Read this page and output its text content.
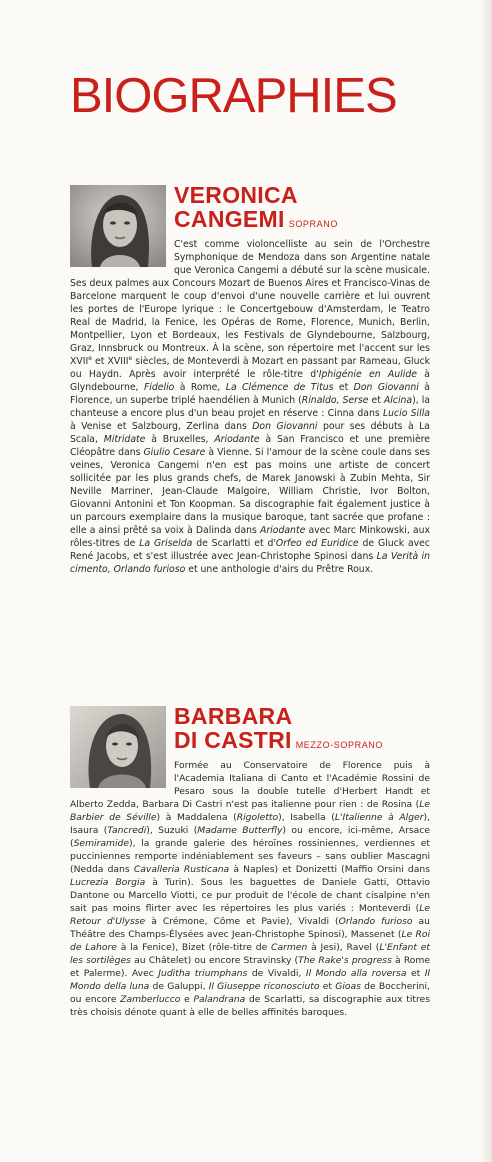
BIOGRAPHIES
VERONICA
CANGEMI SOPRANO

C'est comme violoncelliste au sein de l'Orchestre Symphonique de Mendoza dans son Argentine natale que Veronica Cangemi a débuté sur la scène musicale. Ses deux palmes aux Concours Mozart de Buenos Aires et Francisco-Vinas de Barcelone marquent le coup d'envoi d'une nouvelle carrière et lui ouvrent les portes de l'Europe lyrique : le Concertgebouw d'Amsterdam, le Teatro Real de Madrid, la Fenice, les Opéras de Rome, Florence, Munich, Berlin, Montpellier, Lyon et Bordeaux, les Festivals de Glyndebourne, Salzbourg, Graz, Innsbruck ou Montreux. À la scène, son répertoire met l'accent sur les XVIIe et XVIIIe siècles, de Monteverdi à Mozart en passant par Rameau, Gluck ou Haydn. Après avoir interprété le rôle-titre d'Iphigénie en Aulide à Glyndebourne, Fidelio à Rome, La Clémence de Titus et Don Giovanni à Florence, un superbe triplé haendélien à Munich (Rinaldo, Serse et Alcina), la chanteuse a encore plus d'un beau projet en réserve : Cinna dans Lucio Silla à Venise et Salzbourg, Zerlina dans Don Giovanni pour ses débuts à La Scala, Mitridate à Bruxelles, Ariodante à San Francisco et une première Cléopâtre dans Giulio Cesare à Vienne. Si l'amour de la scène coule dans ses veines, Veronica Cangemi n'en est pas moins une artiste de concert sollicitée par les plus grands chefs, de Marek Janowski à Zubin Mehta, Sir Neville Marriner, Jean-Claude Malgoire, William Christie, Ivor Bolton, Giovanni Antonini et Ton Koopman. Sa discographie fait également justice à un parcours exemplaire dans la musique baroque, tant sacrée que profane : elle a ainsi prêté sa voix à Dalinda dans Ariodante avec Marc Minkowski, aux rôles-titres de La Griselda de Scarlatti et d'Orfeo ed Euridice de Gluck avec René Jacobs, et s'est illustrée avec Jean-Christophe Spinosi dans La Verità in cimento, Orlando furioso et une anthologie d'airs du Prêtre Roux.

BARBARA
DI CASTRI MEZZO-SOPRANO

Formée au Conservatoire de Florence puis à l'Academia Italiana di Canto et l'Académie Rossini de Pesaro sous la double tutelle d'Herbert Handt et Alberto Zedda, Barbara Di Castri n'est pas italienne pour rien : de Rosina (Le Barbier de Séville) à Maddalena (Rigoletto), Isabella (L'Italienne à Alger), Isaura (Tancredi), Suzuki (Madame Butterfly) ou encore, ici-même, Arsace (Semiramide), la grande galerie des héroïnes rossiniennes, verdiennes et pucciniennes remporte indéniablement ses faveurs – sans oublier Mascagni (Nedda dans Cavalleria Rusticana à Naples) et Donizetti (Maffio Orsini dans Lucrezia Borgia à Turin). Sous les baguettes de Daniele Gatti, Ottavio Dantone ou Marcello Viotti, ce pur produit de l'école de chant cisalpine n'en sait pas moins flirter avec les répertoires les plus variés : Monteverdi (Le Retour d'Ulysse à Crémone, Côme et Pavie), Vivaldi (Orlando furioso au Théâtre des Champs-Élysées avec Jean-Christophe Spinosi), Massenet (Le Roi de Lahore à la Fenice), Bizet (rôle-titre de Carmen à Jesi), Ravel (L'Enfant et les sortilèges au Châtelet) ou encore Stravinsky (The Rake's progress à Rome et Palerme). Avec Juditha triumphans de Vivaldi, Il Mondo alla roversa et Il Mondo della luna de Galuppi, Il Giuseppe riconosciuto et Gioas de Boccherini, ou encore Zamberlucco e Palandrana de Scarlatti, sa discographie aux titres très choisis dénote quant à elle de belles affinités baroques.
